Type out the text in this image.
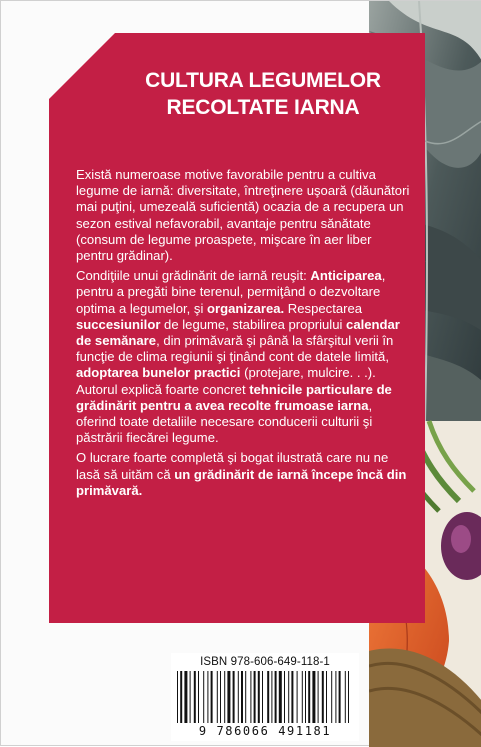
CULTURA LEGUMELOR
RECOLTATE IARNA

Există numeroase motive favorabile pentru a cultiva legume de iarnă: diversitate, întreţinere uşoară (dăunători mai puţini, umezeală suficientă) ocazia de a recupera un sezon estival nefavorabil, avantaje pentru sănătate (consum de legume proaspete, mişcare în aer liber pentru grădinar).

Condiţiile unui grădinărit de iarnă reuşit: Anticiparea, pentru a pregăti bine terenul, permiţând o dezvoltare optima a legumelor, şi organizarea. Respectarea succesiunilor de legume, stabilirea propriului calendar de semănare, din primăvară şi până la sfârşitul verii în funcţie de clima regiunii şi ţinând cont de datele limită, adoptarea bunelor practici (protejare, mulcire. . .). Autorul explică foarte concret tehnicile particulare de grădinărit pentru a avea recolte frumoase iarna, oferind toate detaliile necesare conducerii culturii şi păstrării fiecărei legume.

O lucrare foarte completă şi bogat ilustrată care nu ne lasă să uităm că un grădinărit de iarnă începe încă din primăvară.

ISBN 978-606-649-118-1
9 786066 491181
